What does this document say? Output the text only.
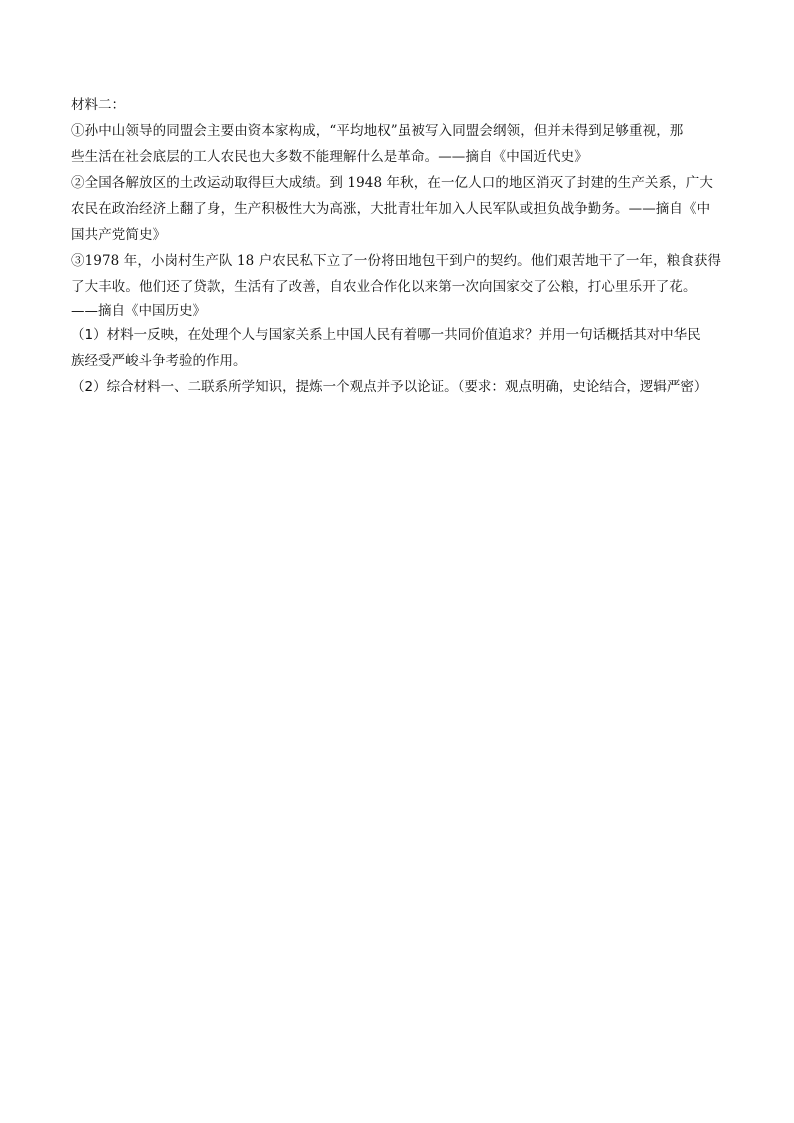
材料二：
①孙中山领导的同盟会主要由资本家构成，“平均地权”虽被写入同盟会纲领，但并未得到足够重视，那
些生活在社会底层的工人农民也大多数不能理解什么是革命。——摘自《中国近代史》
②全国各解放区的土改运动取得巨大成绩。到 1948 年秋，在一亿人口的地区消灭了封建的生产关系，广大
农民在政治经济上翻了身，生产积极性大为高涨，大批青壮年加入人民军队或担负战争勤务。——摘自《中
国共产党简史》
③1978 年，小岗村生产队 18 户农民私下立了一份将田地包干到户的契约。他们艰苦地干了一年，粮食获得
了大丰收。他们还了贷款，生活有了改善，自农业合作化以来第一次向国家交了公粮，打心里乐开了花。
——摘自《中国历史》
（1）材料一反映，在处理个人与国家关系上中国人民有着哪一共同价值追求？并用一句话概括其对中华民
族经受严峻斗争考验的作用。
（2）综合材料一、二联系所学知识，提炼一个观点并予以论证。（要求：观点明确，史论结合，逻辑严密）
